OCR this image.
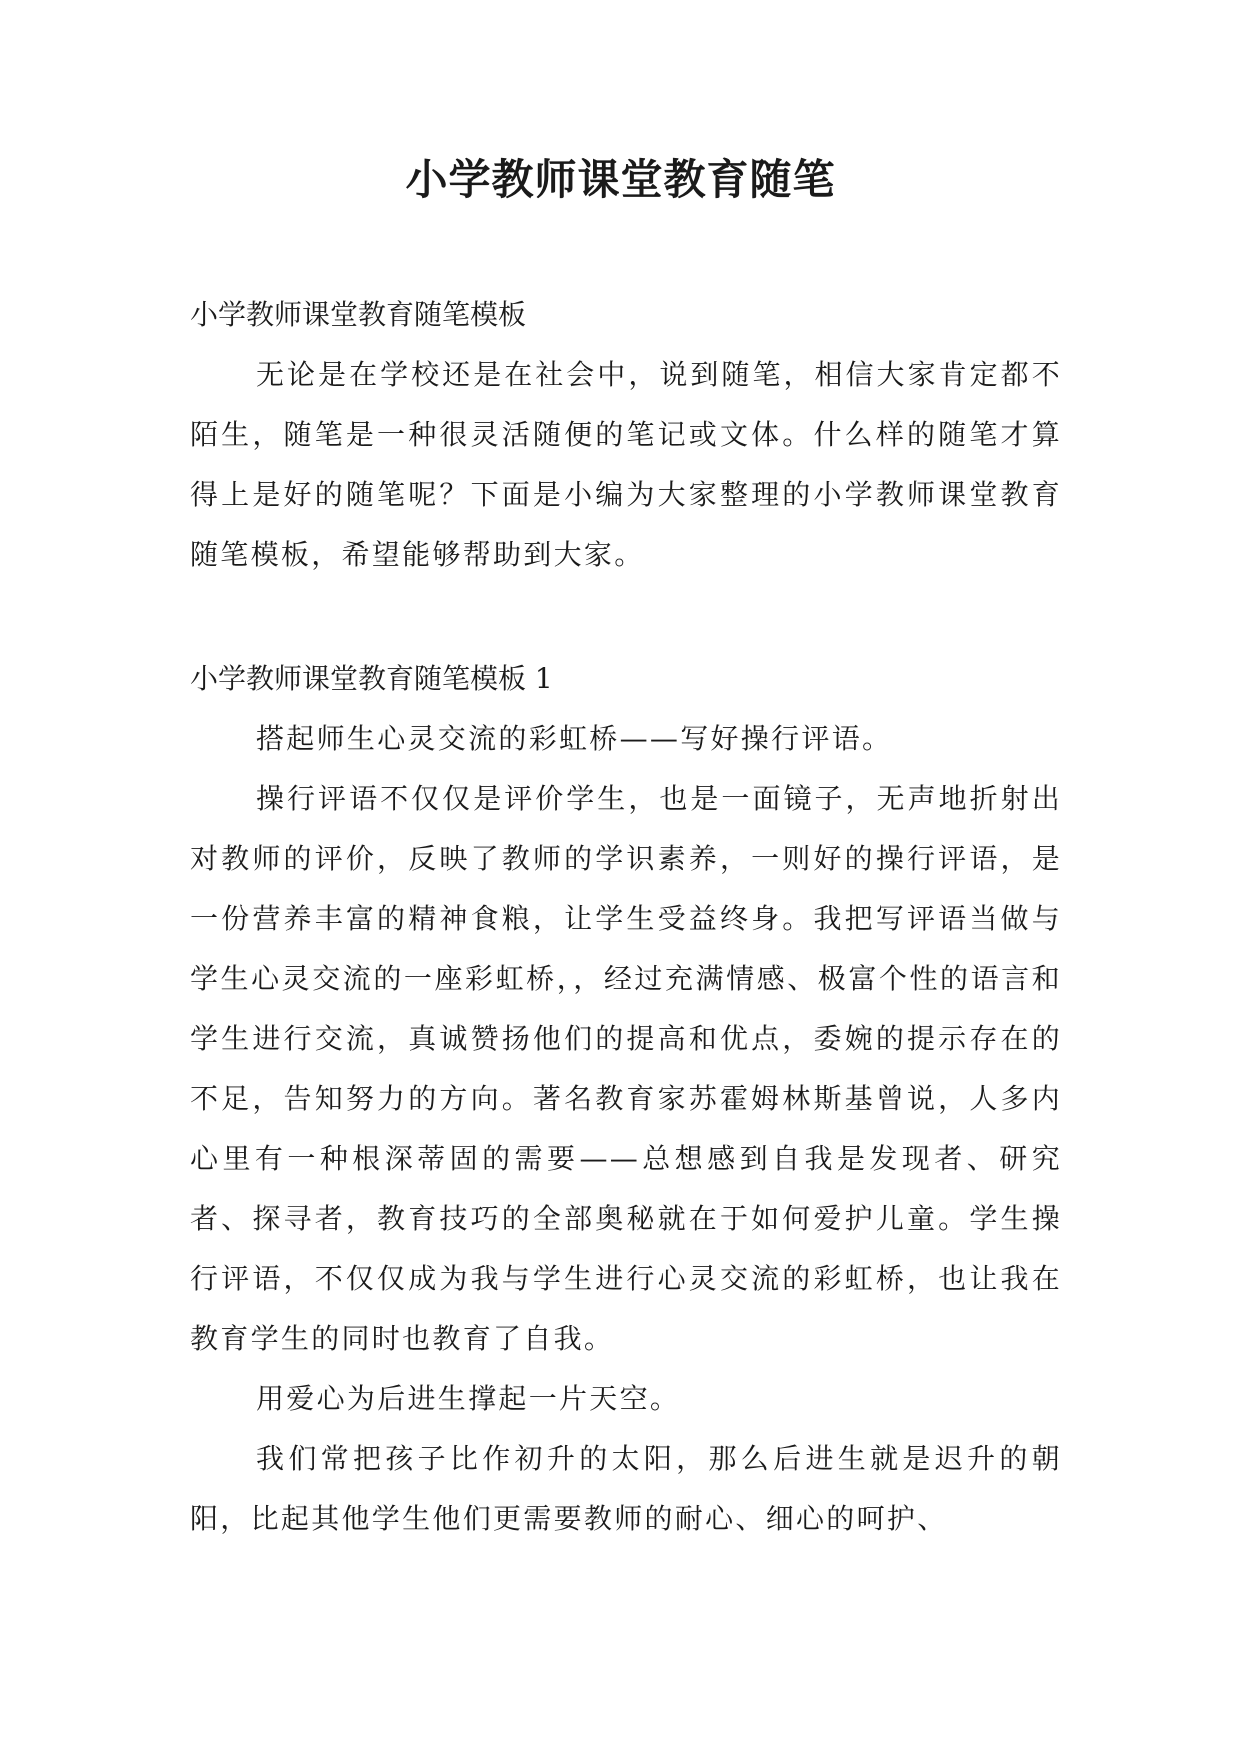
小学教师课堂教育随笔

小学教师课堂教育随笔模板

无论是在学校还是在社会中，说到随笔，相信大家肯定都不陌生，随笔是一种很灵活随便的笔记或文体。什么样的随笔才算得上是好的随笔呢？下面是小编为大家整理的小学教师课堂教育随笔模板，希望能够帮助到大家。

小学教师课堂教育随笔模板 1

搭起师生心灵交流的彩虹桥——写好操行评语。

操行评语不仅仅是评价学生，也是一面镜子，无声地折射出对教师的评价，反映了教师的学识素养，一则好的操行评语，是一份营养丰富的精神食粮，让学生受益终身。我把写评语当做与学生心灵交流的一座彩虹桥，，经过充满情感、极富个性的语言和学生进行交流，真诚赞扬他们的提高和优点，委婉的提示存在的不足，告知努力的方向。著名教育家苏霍姆林斯基曾说，人多内心里有一种根深蒂固的需要——总想感到自我是发现者、研究者、探寻者，教育技巧的全部奥秘就在于如何爱护儿童。学生操行评语，不仅仅成为我与学生进行心灵交流的彩虹桥，也让我在教育学生的同时也教育了自我。

用爱心为后进生撑起一片天空。

我们常把孩子比作初升的太阳，那么后进生就是迟升的朝阳，比起其他学生他们更需要教师的耐心、细心的呵护、
